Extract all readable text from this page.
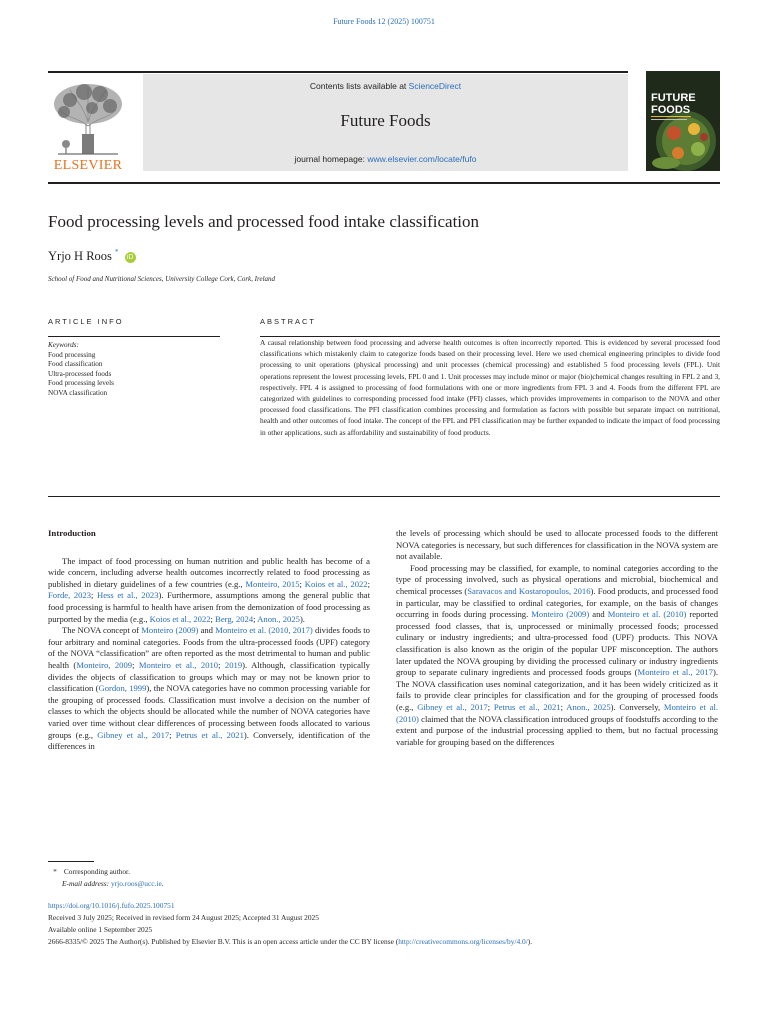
Future Foods 12 (2025) 100751
ELSEVIER
Contents lists available at ScienceDirect
Future Foods
journal homepage: www.elsevier.com/locate/fufo
FUTURE
FOODS
Food processing levels and processed food intake classification
Yrjo H Roos * iD
School of Food and Nutritional Sciences, University College Cork, Cork, Ireland
ARTICLE INFO	ABSTRACT
Keywords:
Food processing
Food classification
Ultra-processed foods
Food processing levels
NOVA classification
A causal relationship between food processing and adverse health outcomes is often incorrectly reported. This is evidenced by several processed food classifications which mistakenly claim to categorize foods based on their processing level. Here we used chemical engineering principles to divide food processing to unit operations (physical processing) and unit processes (chemical processing) and established 5 food processing levels (FPL). Unit operations represent the lowest processing levels, FPL 0 and 1. Unit processes may include minor or major (bio)chemical changes resulting in FPL 2 and 3, respectively. FPL 4 is assigned to processing of food formulations with one or more ingredients from FPL 3 and 4. Foods from the different FPL are categorized with guidelines to corresponding processed food intake (PFI) classes, which provides improvements in comparison to the NOVA and other processed food classifications. The PFI classification combines processing and formulation as factors with possible but separate impact on nutritional, health and other outcomes of food intake. The concept of the FPL and PFI classification may be further expanded to indicate the impact of food processing in other applications, such as affordability and sustainability of food products.

Introduction

The impact of food processing on human nutrition and public health has become of a wide concern, including adverse health outcomes incorrectly related to food processing as published in dietary guidelines of a few countries (e.g., Monteiro, 2015; Koios et al., 2022; Forde, 2023; Hess et al., 2023). Furthermore, assumptions among the general public that food processing is harmful to health have arisen from the demonization of food processing as purported by the media (e.g., Koios et al., 2022; Berg, 2024; Anon., 2025).

The NOVA concept of Monteiro (2009) and Monteiro et al. (2010, 2017) divides foods to four arbitrary and nominal categories. Foods from the ultra-processed foods (UPF) category of the NOVA “classification” are often reported as the most detrimental to human and public health (Monteiro, 2009; Monteiro et al., 2010; 2019). Although, classification typically divides the objects of classification to groups which may or may not be known prior to classification (Gordon, 1999), the NOVA categories have no common processing variable for the grouping of processed foods. Classification must involve a decision on the number of classes to which the objects should be allocated while the number of NOVA categories have varied over time without clear differences of processing between foods allocated to various groups (e.g., Gibney et al., 2017; Petrus et al., 2021). Conversely, identification of the differences in

the levels of processing which should be used to allocate processed foods to the different NOVA categories is necessary, but such differences for classification in the NOVA system are not available.

Food processing may be classified, for example, to nominal categories according to the type of processing involved, such as physical operations and microbial, biochemical and chemical processes (Saravacos and Kostaropoulos, 2016). Food products, and processed food in particular, may be classified to ordinal categories, for example, on the basis of changes occurring in foods during processing. Monteiro (2009) and Monteiro et al. (2010) reported processed food classes, that is, unprocessed or minimally processed foods; processed culinary or industry ingredients; and ultra-processed food (UPF) products. This NOVA classification is also known as the origin of the popular UPF misconception. The authors later updated the NOVA grouping by dividing the processed culinary or industry ingredients group to separate culinary ingredients and processed foods groups (Monteiro et al., 2017). The NOVA classification uses nominal categorization, and it has been widely criticized as it fails to provide clear principles for classification and for the grouping of processed foods (e.g., Gibney et al., 2017; Petrus et al., 2021; Anon., 2025). Conversely, Monteiro et al. (2010) claimed that the NOVA classification introduced groups of foodstuffs according to the extent and purpose of the industrial processing applied to them, but no factual processing variable for grouping based on the differences

* Corresponding author.
E-mail address: yrjo.roos@ucc.ie.
https://doi.org/10.1016/j.fufo.2025.100751
Received 3 July 2025; Received in revised form 24 August 2025; Accepted 31 August 2025
Available online 1 September 2025
2666-8335/© 2025 The Author(s). Published by Elsevier B.V. This is an open access article under the CC BY license (http://creativecommons.org/licenses/by/4.0/).
